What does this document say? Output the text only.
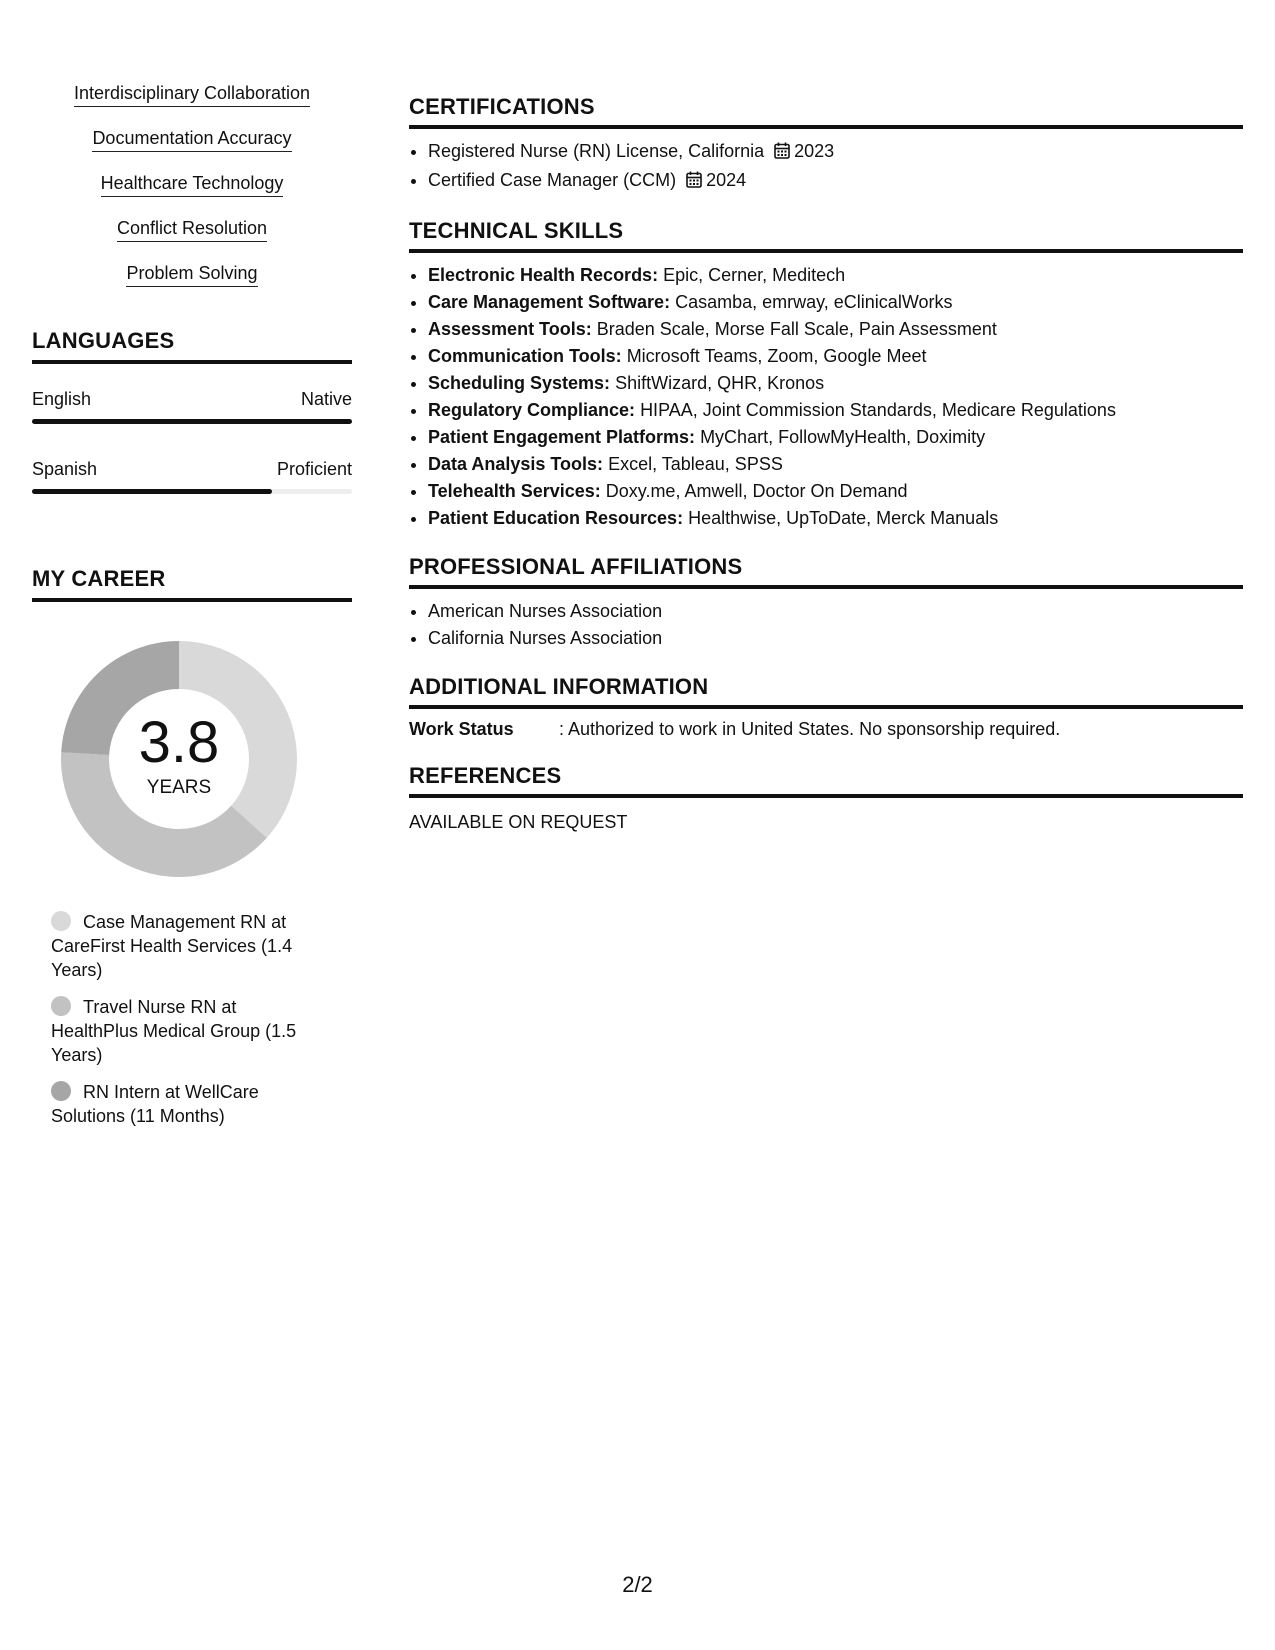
Interdisciplinary Collaboration
Documentation Accuracy
Healthcare Technology
Conflict Resolution
Problem Solving
LANGUAGES
English	Native
Spanish	Proficient
MY CAREER
3.8
YEARS
Case Management RN at CareFirst Health Services (1.4 Years)
Travel Nurse RN at HealthPlus Medical Group (1.5 Years)
RN Intern at WellCare Solutions (11 Months)
CERTIFICATIONS
• Registered Nurse (RN) License, California 2023
• Certified Case Manager (CCM) 2024
TECHNICAL SKILLS
• Electronic Health Records: Epic, Cerner, Meditech
• Care Management Software: Casamba, emrway, eClinicalWorks
• Assessment Tools: Braden Scale, Morse Fall Scale, Pain Assessment
• Communication Tools: Microsoft Teams, Zoom, Google Meet
• Scheduling Systems: ShiftWizard, QHR, Kronos
• Regulatory Compliance: HIPAA, Joint Commission Standards, Medicare Regulations
• Patient Engagement Platforms: MyChart, FollowMyHealth, Doximity
• Data Analysis Tools: Excel, Tableau, SPSS
• Telehealth Services: Doxy.me, Amwell, Doctor On Demand
• Patient Education Resources: Healthwise, UpToDate, Merck Manuals
PROFESSIONAL AFFILIATIONS
• American Nurses Association
• California Nurses Association
ADDITIONAL INFORMATION
Work Status	: Authorized to work in United States. No sponsorship required.
REFERENCES
AVAILABLE ON REQUEST
2/2
